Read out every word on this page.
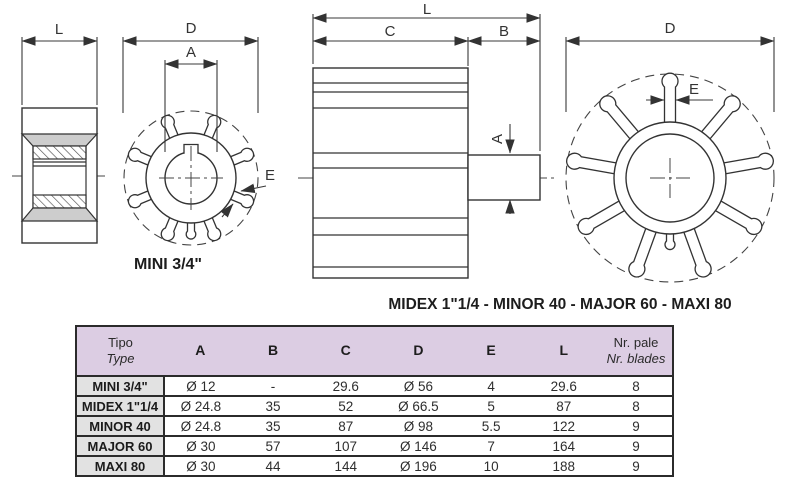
L	D
A
E
L
C	B
A
D
E
MINI 3/4"
MIDEX 1"1/4 - MINOR 40 - MAJOR 60 - MAXI 80
Tipo
Type	A	B	C	D	E	L	Nr. pale
Nr. blades
MINI 3/4"	Ø 12	-	29.6	Ø 56	4	29.6	8
MIDEX 1"1/4	Ø 24.8	35	52	Ø 66.5	5	87	8
MINOR 40	Ø 24.8	35	87	Ø 98	5.5	122	9
MAJOR 60	Ø 30	57	107	Ø 146	7	164	9
MAXI 80	Ø 30	44	144	Ø 196	10	188	9
